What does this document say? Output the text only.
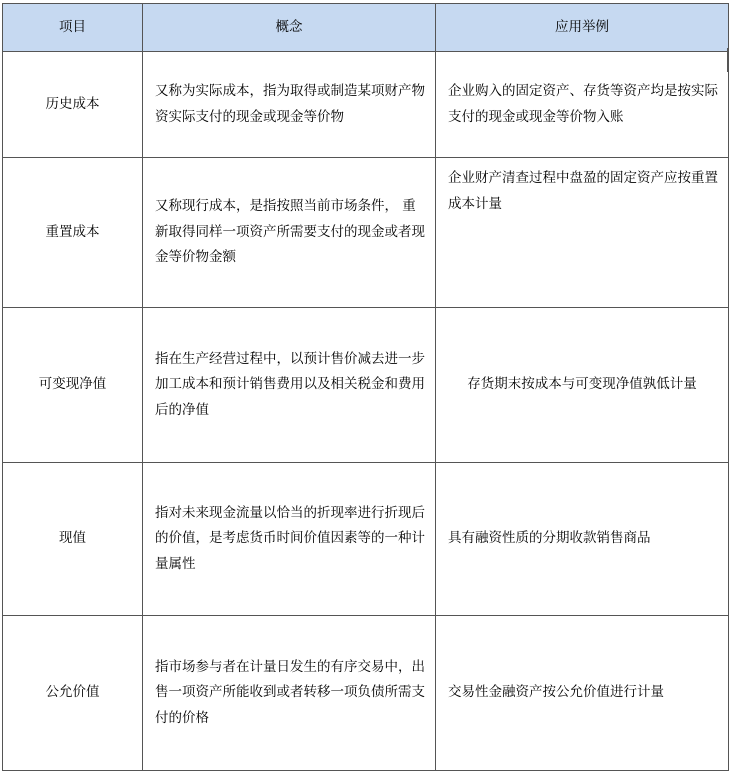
项目	概念	应用举例
历史成本	又称为实际成本，指为取得或制造某项财产物资实际支付的现金或现金等价物	企业购入的固定资产、存货等资产均是按实际支付的现金或现金等价物入账
重置成本	又称现行成本，是指按照当前市场条件， 重新取得同样一项资产所需要支付的现金或者现金等价物金额	企业财产清查过程中盘盈的固定资产应按重置成本计量
可变现净值	指在生产经营过程中，以预计售价减去进一步加工成本和预计销售费用以及相关税金和费用后的净值	存货期末按成本与可变现净值孰低计量
现值	指对未来现金流量以恰当的折现率进行折现后的价值，是考虑货币时间价值因素等的一种计量属性	具有融资性质的分期收款销售商品
公允价值	指市场参与者在计量日发生的有序交易中，出售一项资产所能收到或者转移一项负债所需支付的价格	交易性金融资产按公允价值进行计量
